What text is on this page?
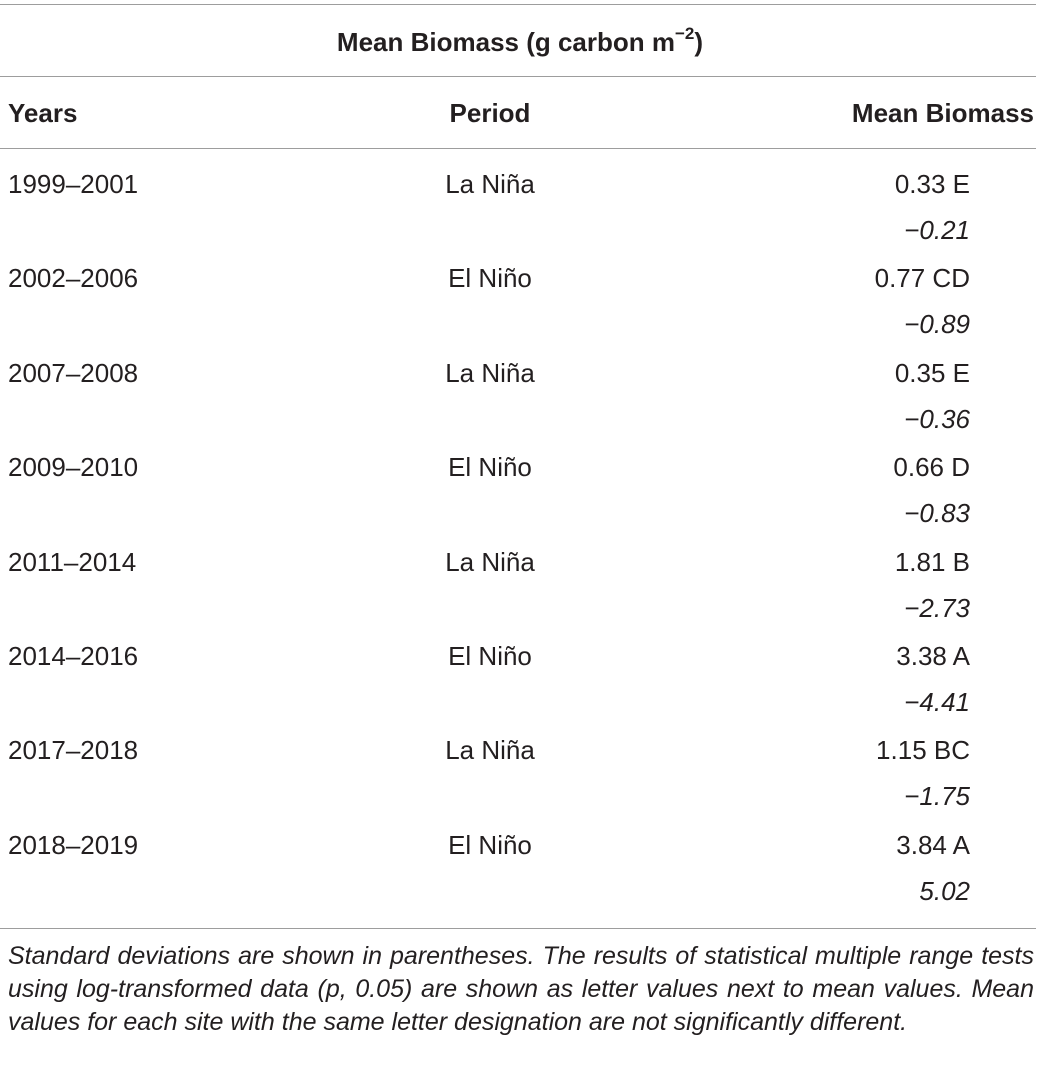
Mean Biomass (g carbon $m^{-2}$)
Years	Period	Mean Biomass
1999–2001	La Niña	0.33 E
−0.21
2002–2006	El Niño	0.77 CD
−0.89
2007–2008	La Niña	0.35 E
−0.36
2009–2010	El Niño	0.66 D
−0.83
2011–2014	La Niña	1.81 B
−2.73
2014–2016	El Niño	3.38 A
−4.41
2017–2018	La Niña	1.15 BC
−1.75
2018–2019	El Niño	3.84 A
5.02
Standard deviations are shown in parentheses. The results of statistical multiple range tests using log-transformed data (p, 0.05) are shown as letter values next to mean values. Mean values for each site with the same letter designation are not significantly different.
